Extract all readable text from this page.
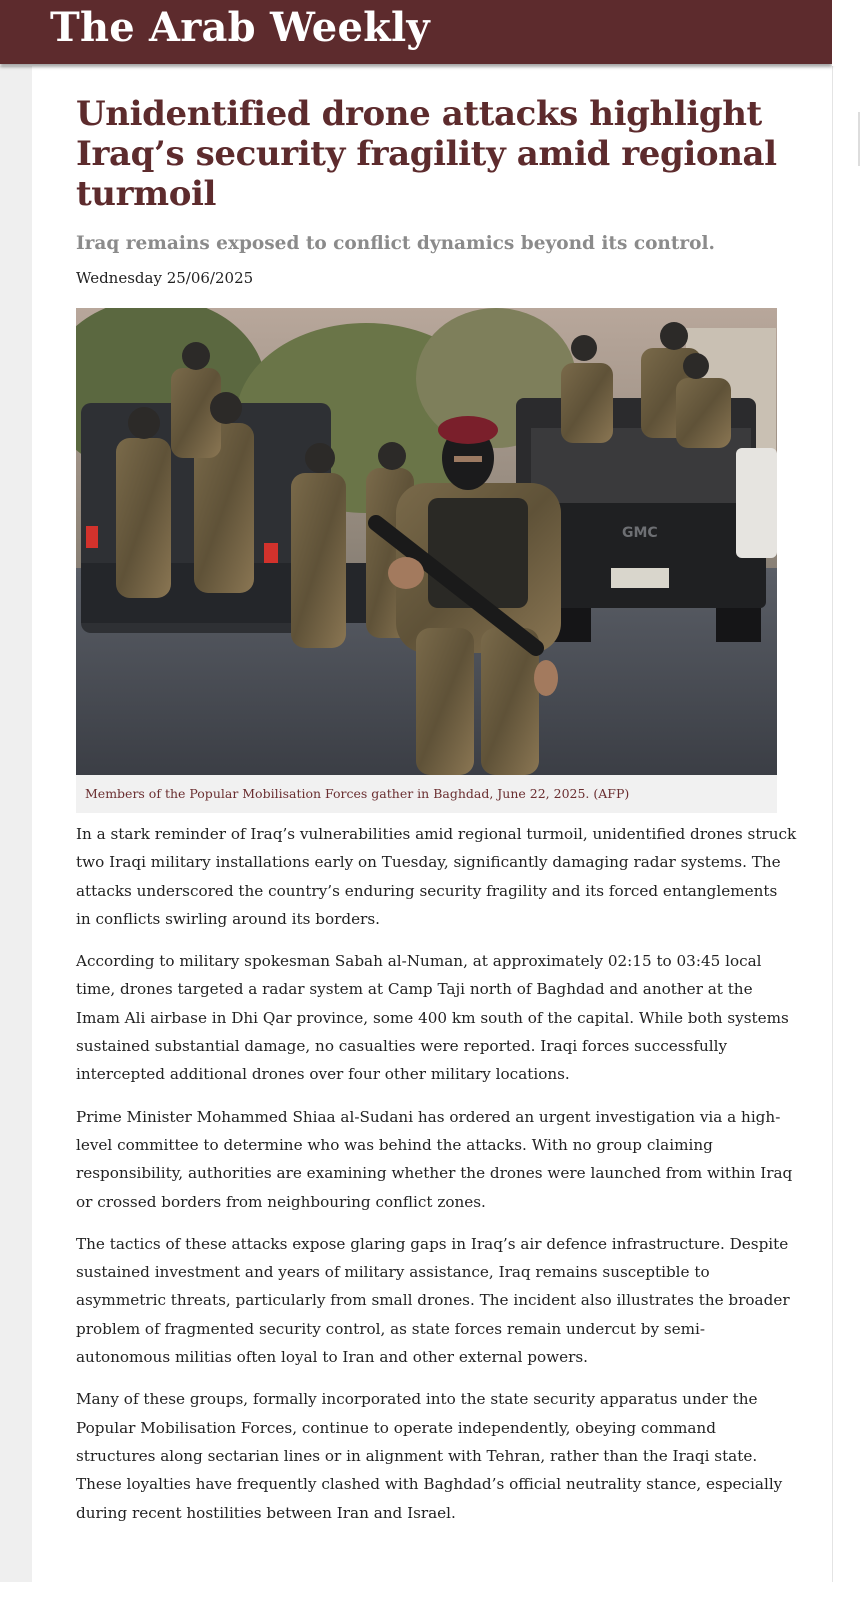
The Arab Weekly
Unidentified drone attacks highlight
Iraq’s security fragility amid regional
turmoil

Iraq remains exposed to conflict dynamics beyond its control.

Wednesday 25/06/2025

GMC
Members of the Popular Mobilisation Forces gather in Baghdad, June 22, 2025. (AFP)

In a stark reminder of Iraq’s vulnerabilities amid regional turmoil, unidentified drones struck
two Iraqi military installations early on Tuesday, significantly damaging radar systems. The
attacks underscored the country’s enduring security fragility and its forced entanglements
in conflicts swirling around its borders.

According to military spokesman Sabah al-Numan, at approximately 02:15 to 03:45 local
time, drones targeted a radar system at Camp Taji north of Baghdad and another at the
Imam Ali airbase in Dhi Qar province, some 400 km south of the capital. While both systems
sustained substantial damage, no casualties were reported. Iraqi forces successfully
intercepted additional drones over four other military locations.

Prime Minister Mohammed Shiaa al-Sudani has ordered an urgent investigation via a high-
level committee to determine who was behind the attacks. With no group claiming
responsibility, authorities are examining whether the drones were launched from within Iraq
or crossed borders from neighbouring conflict zones.

The tactics of these attacks expose glaring gaps in Iraq’s air defence infrastructure. Despite
sustained investment and years of military assistance, Iraq remains susceptible to
asymmetric threats, particularly from small drones. The incident also illustrates the broader
problem of fragmented security control, as state forces remain undercut by semi-
autonomous militias often loyal to Iran and other external powers.

Many of these groups, formally incorporated into the state security apparatus under the
Popular Mobilisation Forces, continue to operate independently, obeying command
structures along sectarian lines or in alignment with Tehran, rather than the Iraqi state.
These loyalties have frequently clashed with Baghdad’s official neutrality stance, especially
during recent hostilities between Iran and Israel.
